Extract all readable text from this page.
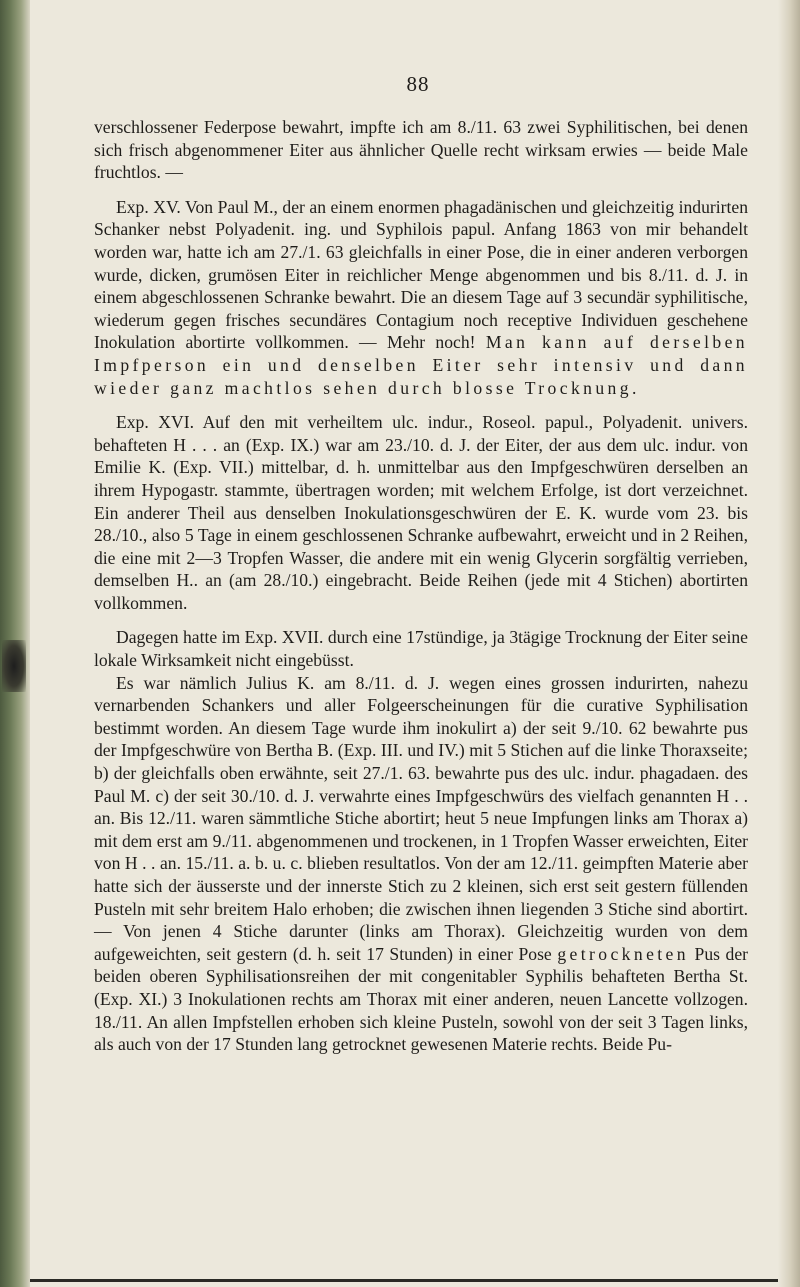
88

verschlossener Federpose bewahrt, impfte ich am 8./11. 63 zwei Syphilitischen, bei denen sich frisch abgenommener Eiter aus ähnlicher Quelle recht wirksam erwies — beide Male fruchtlos. —

Exp. XV. Von Paul M., der an einem enormen phagadänischen und gleichzeitig indurirten Schanker nebst Polyadenit. ing. und Syphilois papul. Anfang 1863 von mir behandelt worden war, hatte ich am 27./1. 63 gleichfalls in einer Pose, die in einer anderen verborgen wurde, dicken, grumösen Eiter in reichlicher Menge abgenommen und bis 8./11. d. J. in einem abgeschlossenen Schranke bewahrt. Die an diesem Tage auf 3 secundär syphilitische, wiederum gegen frisches secundäres Contagium noch receptive Individuen geschehene Inokulation abortirte vollkommen. — Mehr noch! Man kann auf derselben Impfperson ein und denselben Eiter sehr intensiv und dann wieder ganz machtlos sehen durch blosse Trocknung.

Exp. XVI. Auf den mit verheiltem ulc. indur., Roseol. papul., Polyadenit. univers. behafteten H . . . an (Exp. IX.) war am 23./10. d. J. der Eiter, der aus dem ulc. indur. von Emilie K. (Exp. VII.) mittelbar, d. h. unmittelbar aus den Impfgeschwüren derselben an ihrem Hypogastr. stammte, übertragen worden; mit welchem Erfolge, ist dort verzeichnet. Ein anderer Theil aus denselben Inokulationsgeschwüren der E. K. wurde vom 23. bis 28./10., also 5 Tage in einem geschlossenen Schranke aufbewahrt, erweicht und in 2 Reihen, die eine mit 2—3 Tropfen Wasser, die andere mit ein wenig Glycerin sorgfältig verrieben, demselben H.. an (am 28./10.) eingebracht. Beide Reihen (jede mit 4 Stichen) abortirten vollkommen.

Dagegen hatte im Exp. XVII. durch eine 17stündige, ja 3tägige Trocknung der Eiter seine lokale Wirksamkeit nicht eingebüsst.

Es war nämlich Julius K. am 8./11. d. J. wegen eines grossen indurirten, nahezu vernarbenden Schankers und aller Folgeerscheinungen für die curative Syphilisation bestimmt worden. An diesem Tage wurde ihm inokulirt a) der seit 9./10. 62 bewahrte pus der Impfgeschwüre von Bertha B. (Exp. III. und IV.) mit 5 Stichen auf die linke Thoraxseite; b) der gleichfalls oben erwähnte, seit 27./1. 63. bewahrte pus des ulc. indur. phagadaen. des Paul M. c) der seit 30./10. d. J. verwahrte eines Impfgeschwürs des vielfach genannten H . . an. Bis 12./11. waren sämmtliche Stiche abortirt; heut 5 neue Impfungen links am Thorax a) mit dem erst am 9./11. abgenommenen und trockenen, in 1 Tropfen Wasser erweichten, Eiter von H . . an. 15./11. a. b. u. c. blieben resultatlos. Von der am 12./11. geimpften Materie aber hatte sich der äusserste und der innerste Stich zu 2 kleinen, sich erst seit gestern füllenden Pusteln mit sehr breitem Halo erhoben; die zwischen ihnen liegenden 3 Stiche sind abortirt. — Von jenen 4 Stiche darunter (links am Thorax). Gleichzeitig wurden von dem aufgeweichten, seit gestern (d. h. seit 17 Stunden) in einer Pose getrockneten Pus der beiden oberen Syphilisationsreihen der mit congenitabler Syphilis behafteten Bertha St. (Exp. XI.) 3 Inokulationen rechts am Thorax mit einer anderen, neuen Lancette vollzogen. 18./11. An allen Impfstellen erhoben sich kleine Pusteln, sowohl von der seit 3 Tagen links, als auch von der 17 Stunden lang getrocknet gewesenen Materie rechts. Beide Pu-
